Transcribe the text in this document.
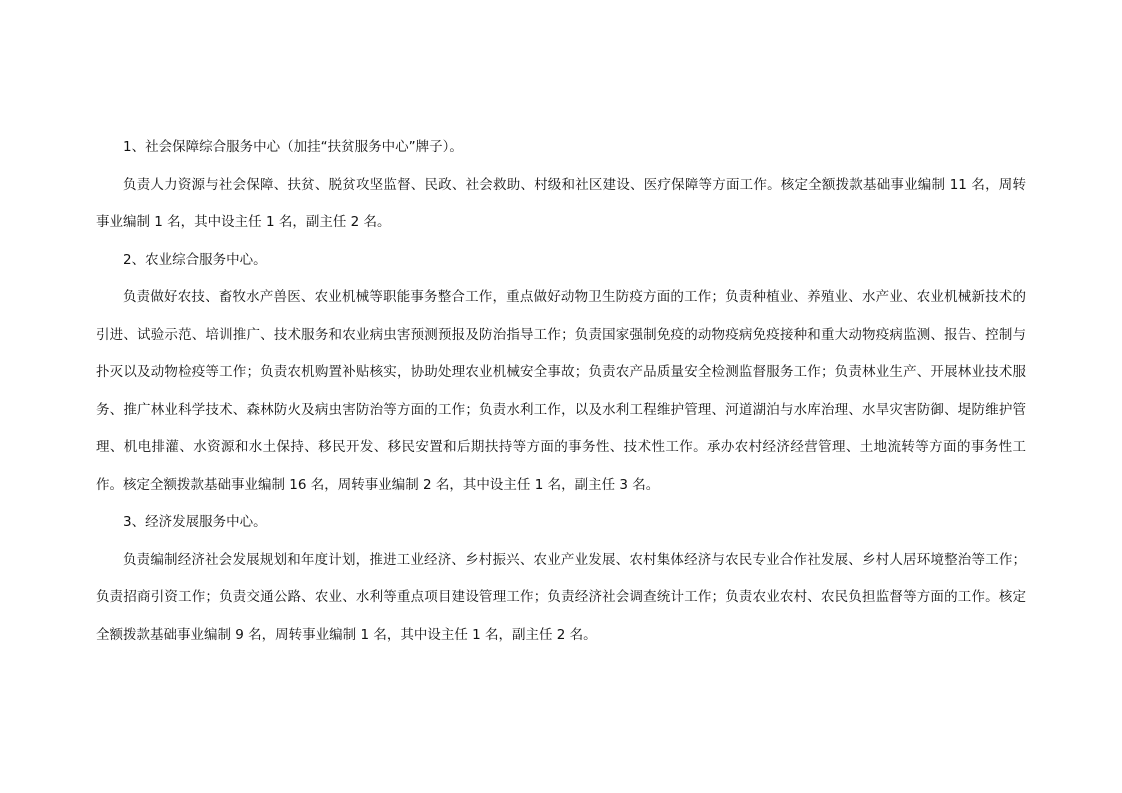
1、社会保障综合服务中心（加挂“扶贫服务中心”牌子）。

负责人力资源与社会保障、扶贫、脱贫攻坚监督、民政、社会救助、村级和社区建设、医疗保障等方面工作。核定全额拨款基础事业编制 11 名，周转事业编制 1 名，其中设主任 1 名，副主任 2 名。

2、农业综合服务中心。

负责做好农技、畜牧水产兽医、农业机械等职能事务整合工作，重点做好动物卫生防疫方面的工作；负责种植业、养殖业、水产业、农业机械新技术的引进、试验示范、培训推广、技术服务和农业病虫害预测预报及防治指导工作；负责国家强制免疫的动物疫病免疫接种和重大动物疫病监测、报告、控制与扑灭以及动物检疫等工作；负责农机购置补贴核实，协助处理农业机械安全事故；负责农产品质量安全检测监督服务工作；负责林业生产、开展林业技术服务、推广林业科学技术、森林防火及病虫害防治等方面的工作；负责水利工作，以及水利工程维护管理、河道湖泊与水库治理、水旱灾害防御、堤防维护管理、机电排灌、水资源和水土保持、移民开发、移民安置和后期扶持等方面的事务性、技术性工作。承办农村经济经营管理、土地流转等方面的事务性工作。核定全额拨款基础事业编制 16 名，周转事业编制 2 名，其中设主任 1 名，副主任 3 名。

3、经济发展服务中心。

负责编制经济社会发展规划和年度计划，推进工业经济、乡村振兴、农业产业发展、农村集体经济与农民专业合作社发展、乡村人居环境整治等工作；负责招商引资工作；负责交通公路、农业、水利等重点项目建设管理工作；负责经济社会调查统计工作；负责农业农村、农民负担监督等方面的工作。核定全额拨款基础事业编制 9 名，周转事业编制 1 名，其中设主任 1 名，副主任 2 名。
